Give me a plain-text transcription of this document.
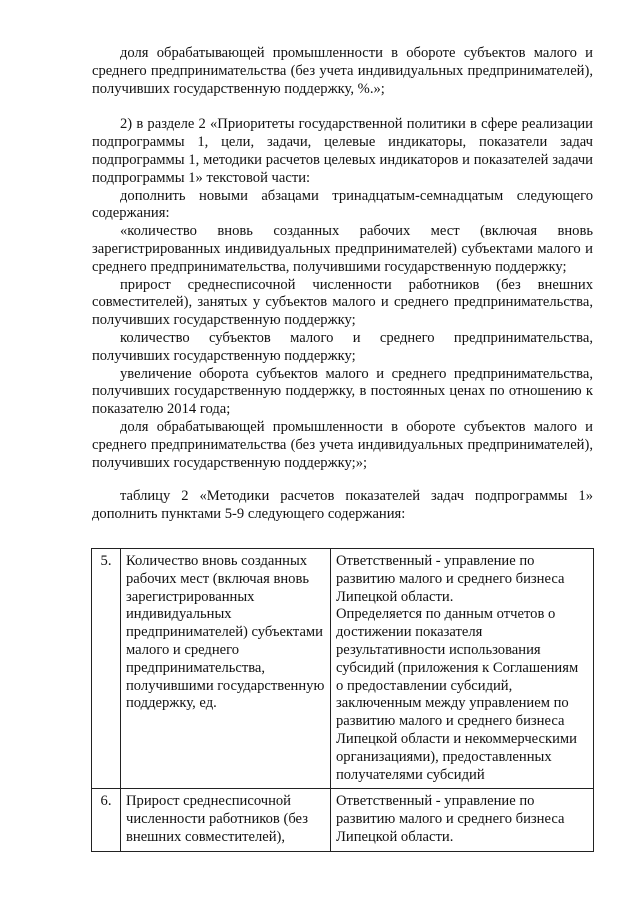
доля обрабатывающей промышленности в обороте субъектов малого и среднего предпринимательства (без учета индивидуальных предпринимателей), получивших государственную поддержку, %.»;

2) в разделе 2 «Приоритеты государственной политики в сфере реализации подпрограммы 1, цели, задачи, целевые индикаторы, показатели задач подпрограммы 1, методики расчетов целевых индикаторов и показателей задачи подпрограммы 1» текстовой части:

дополнить новыми абзацами тринадцатым-семнадцатым следующего содержания:

«количество вновь созданных рабочих мест (включая вновь зарегистрированных индивидуальных предпринимателей) субъектами малого и среднего предпринимательства, получившими государственную поддержку;

прирост среднесписочной численности работников (без внешних совместителей), занятых у субъектов малого и среднего предпринимательства, получивших государственную поддержку;

количество субъектов малого и среднего предпринимательства, получивших государственную поддержку;

увеличение оборота субъектов малого и среднего предпринимательства, получивших государственную поддержку, в постоянных ценах по отношению к показателю 2014 года;

доля обрабатывающей промышленности в обороте субъектов малого и среднего предпринимательства (без учета индивидуальных предпринимателей), получивших государственную поддержку;»;

таблицу 2 «Методики расчетов показателей задач подпрограммы 1» дополнить пунктами 5-9 следующего содержания:

5.	Количество вновь созданных рабочих мест (включая вновь зарегистрированных индивидуальных предпринимателей) субъектами малого и среднего предпринимательства, получившими государственную поддержку, ед.	Ответственный - управление по развитию малого и среднего бизнеса Липецкой области.
Определяется по данным отчетов о достижении показателя результативности использования субсидий (приложения к Соглашениям о предоставлении субсидий, заключенным между управлением по развитию малого и среднего бизнеса Липецкой области и некоммерческими организациями), предоставленных получателями субсидий

6.	Прирост среднесписочной численности работников (без внешних совместителей),	Ответственный - управление по развитию малого и среднего бизнеса Липецкой области.
